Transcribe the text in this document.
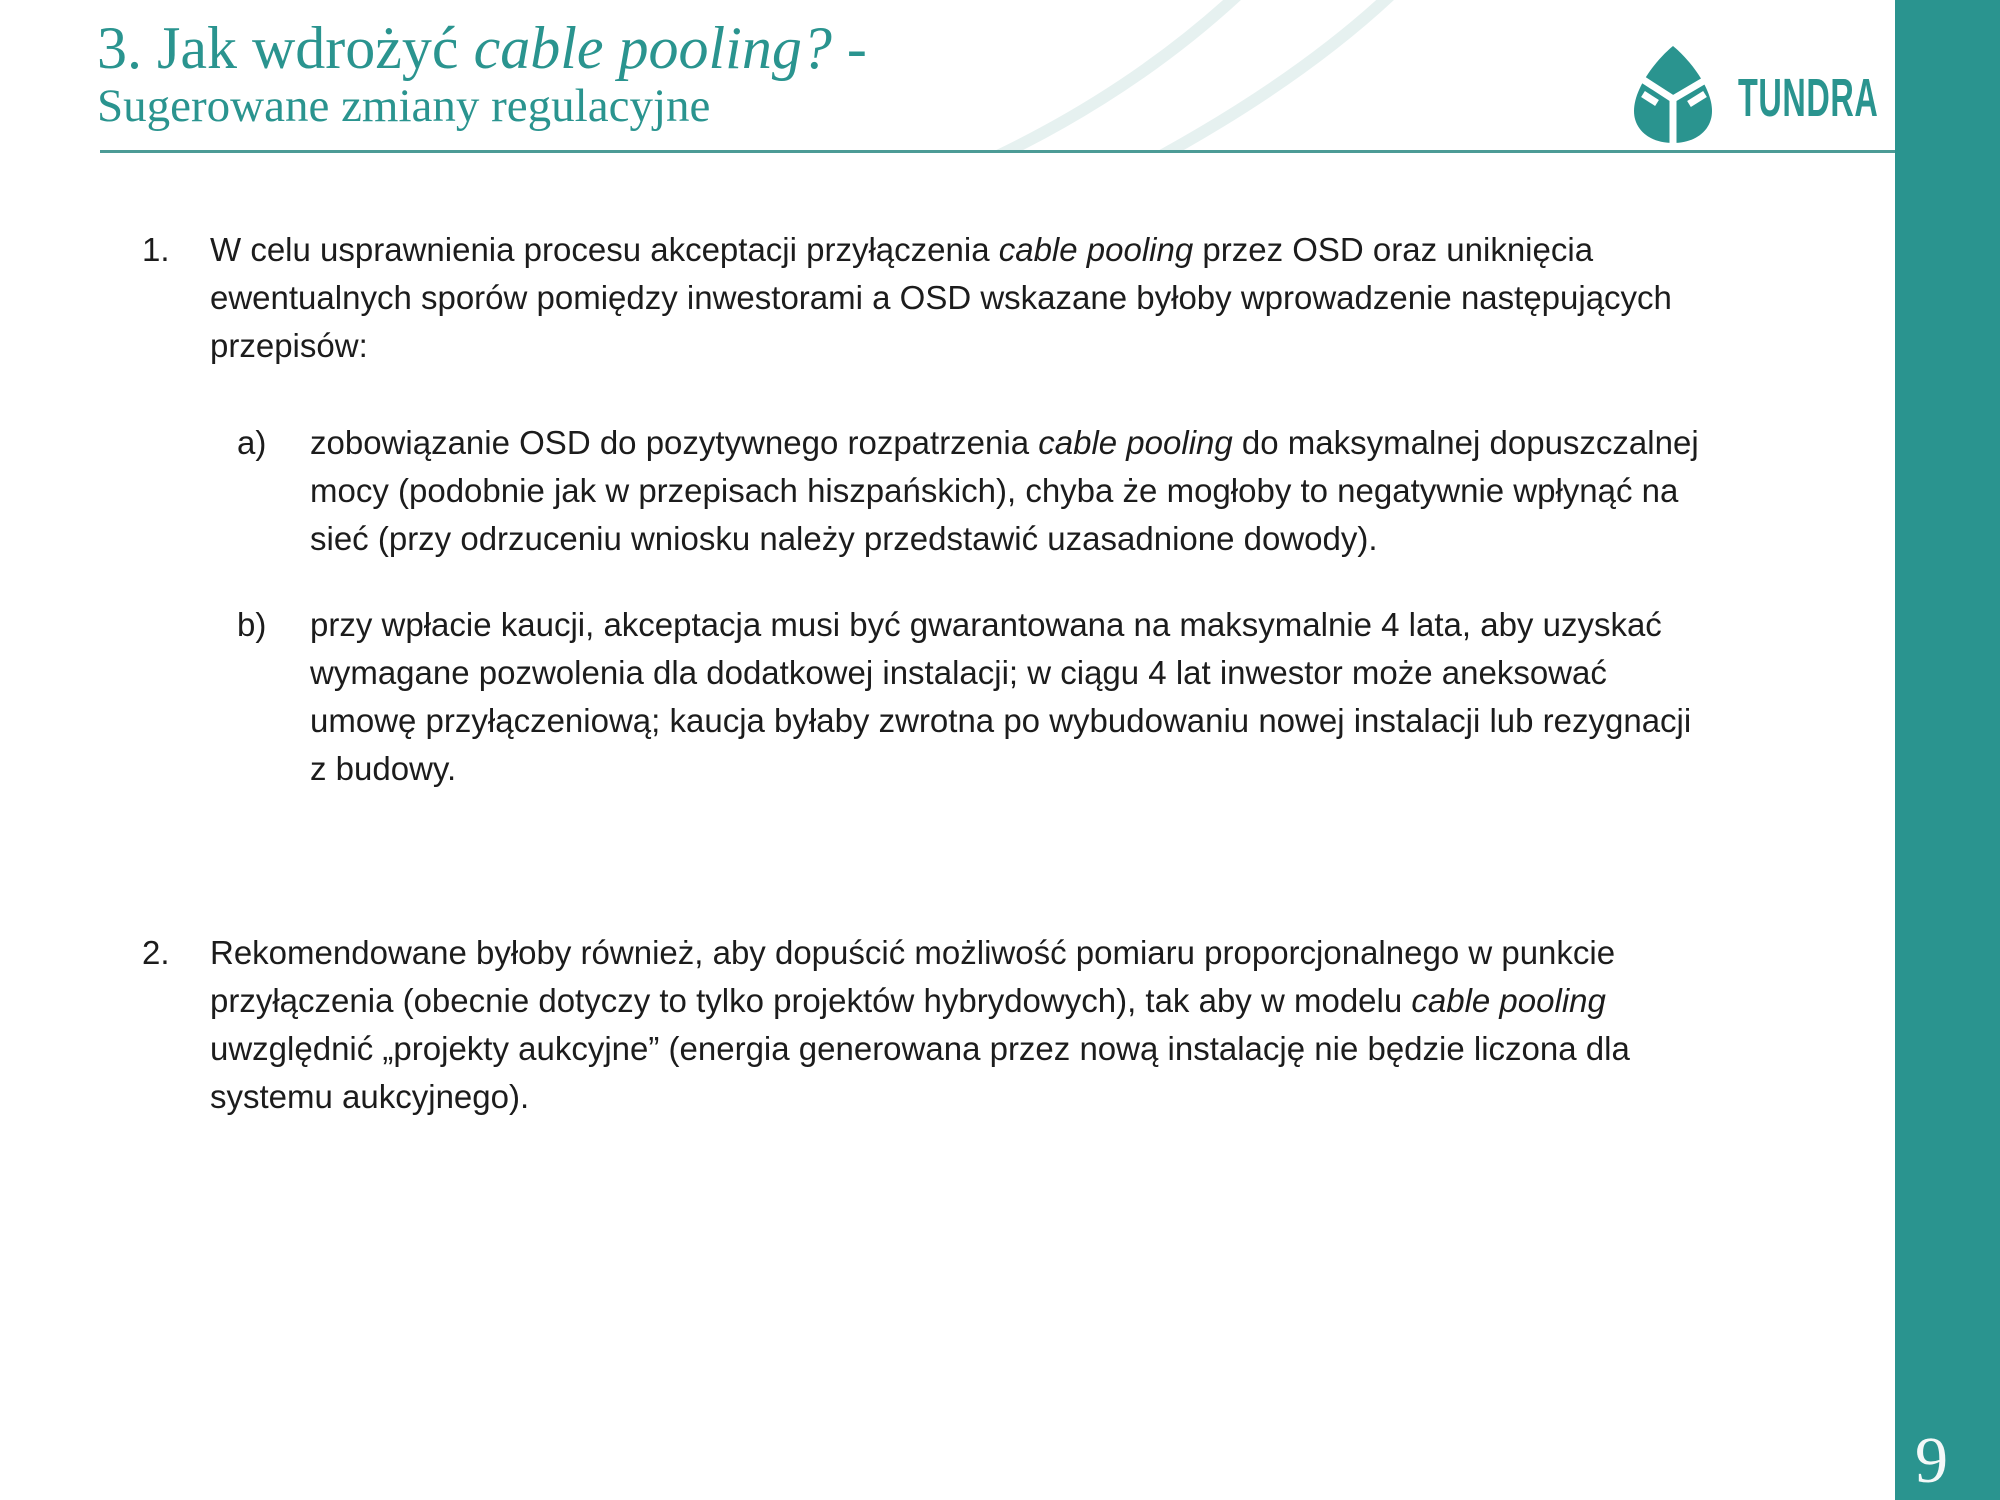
3. Jak wdrożyć cable pooling? -
Sugerowane zmiany regulacyjne	TUNDRA
1. W celu usprawnienia procesu akceptacji przyłączenia cable pooling przez OSD oraz uniknięcia
ewentualnych sporów pomiędzy inwestorami a OSD wskazane byłoby wprowadzenie następujących
przepisów:
a) zobowiązanie OSD do pozytywnego rozpatrzenia cable pooling do maksymalnej dopuszczalnej
mocy (podobnie jak w przepisach hiszpańskich), chyba że mogłoby to negatywnie wpłynąć na
sieć (przy odrzuceniu wniosku należy przedstawić uzasadnione dowody).
b) przy wpłacie kaucji, akceptacja musi być gwarantowana na maksymalnie 4 lata, aby uzyskać
wymagane pozwolenia dla dodatkowej instalacji; w ciągu 4 lat inwestor może aneksować
umowę przyłączeniową; kaucja byłaby zwrotna po wybudowaniu nowej instalacji lub rezygnacji
z budowy.
2. Rekomendowane byłoby również, aby dopuścić możliwość pomiaru proporcjonalnego w punkcie
przyłączenia (obecnie dotyczy to tylko projektów hybrydowych), tak aby w modelu cable pooling
uwzględnić „projekty aukcyjne” (energia generowana przez nową instalację nie będzie liczona dla
systemu aukcyjnego).
9
